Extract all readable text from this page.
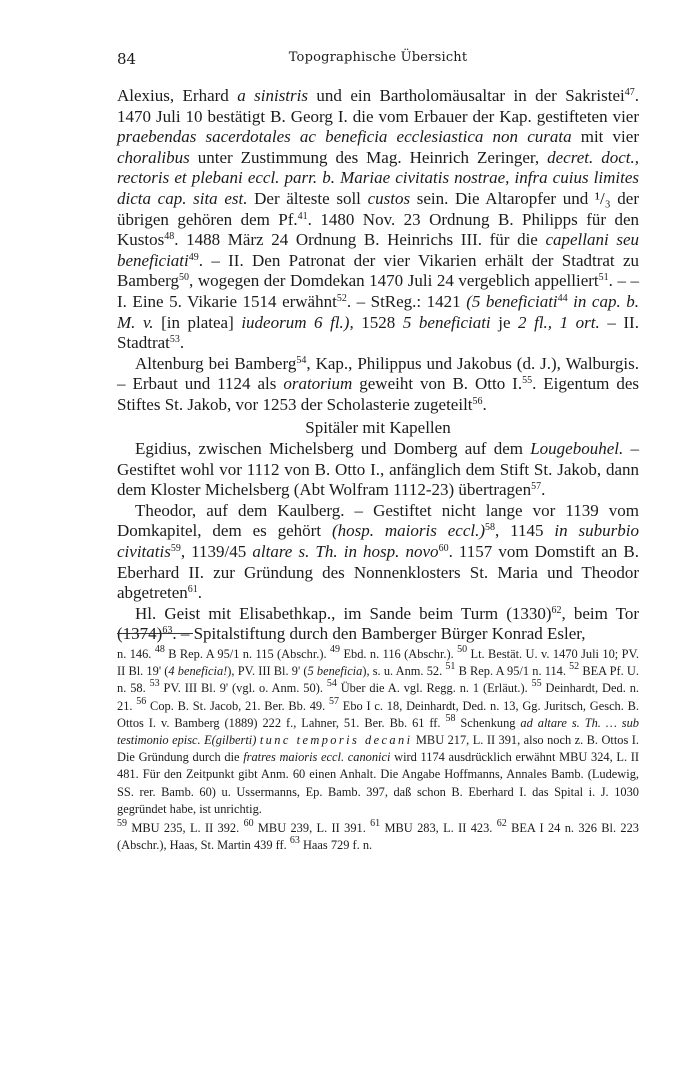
84	Topographische Übersicht

Alexius, Erhard a sinistris und ein Bartholomäusaltar in der Sakristei$^{47}$. 1470 Juli 10 bestätigt B. Georg I. die vom Erbauer der Kap. gestifteten vier praebendas sacerdotales ac beneficia ecclesiastica non curata mit vier choralibus unter Zustimmung des Mag. Heinrich Zeringer, decret. doct., rectoris et plebani eccl. parr. b. Mariae civitatis nostrae, infra cuius limites dicta cap. sita est. Der älteste soll custos sein. Die Altaropfer und ¹/₃ der übrigen gehören dem Pf.$^{41}$. 1480 Nov. 23 Ordnung B. Philipps für den Kustos$^{48}$. 1488 März 24 Ordnung B. Heinrichs III. für die capellani seu beneficiati$^{49}$. – II. Den Patronat der vier Vikarien erhält der Stadtrat zu Bamberg$^{50}$, wogegen der Domdekan 1470 Juli 24 vergeblich appelliert$^{51}$. – – I. Eine 5. Vikarie 1514 erwähnt$^{52}$. – StReg.: 1421 (5 beneficiati$^{44}$ in cap. b. M. v. [in platea] iudeorum 6 fl.), 1528 5 beneficiati je 2 fl., 1 ort. – II. Stadtrat$^{53}$.

Altenburg bei Bamberg$^{54}$, Kap., Philippus und Jakobus (d. J.), Walburgis. – Erbaut und 1124 als oratorium geweiht von B. Otto I.$^{55}$. Eigentum des Stiftes St. Jakob, vor 1253 der Scholasterie zugeteilt$^{56}$.

Spitäler mit Kapellen

Egidius, zwischen Michelsberg und Domberg auf dem Lougebouhel. – Gestiftet wohl vor 1112 von B. Otto I., anfänglich dem Stift St. Jakob, dann dem Kloster Michelsberg (Abt Wolfram 1112-23) übertragen$^{57}$.

Theodor, auf dem Kaulberg. – Gestiftet nicht lange vor 1139 vom Domkapitel, dem es gehört (hosp. maioris eccl.)$^{58}$, 1145 in suburbio civitatis$^{59}$, 1139/45 altare s. Th. in hosp. novo$^{60}$. 1157 vom Domstift an B. Eberhard II. zur Gründung des Nonnenklosters St. Maria und Theodor abgetreten$^{61}$.

Hl. Geist mit Elisabethkap., im Sande beim Turm $(1330)^{62}$, beim Tor $(1374)^{63}$. – Spitalstiftung durch den Bamberger Bürger Konrad Esler,

n. 146. $^{48}$ B Rep. A 95/1 n. 115 (Abschr.). $^{49}$ Ebd. n. 116 (Abschr.). $^{50}$ Lt. Bestät. U. v. 1470 Juli 10; PV. II Bl. 19' (4 beneficia!), PV. III Bl. 9' (5 beneficia), s. u. Anm. 52. $^{51}$ B Rep. A 95/1 n. 114. $^{52}$ BEA Pf. U. n. 58. $^{53}$ PV. III Bl. 9' (vgl. o. Anm. 50). $^{54}$ Über die A. vgl. Regg. n. 1 (Erläut.). $^{55}$ Deinhardt, Ded. n. 21. $^{56}$ Cop. B. St. Jacob, 21. Ber. Bb. 49. $^{57}$ Ebo I c. 18, Deinhardt, Ded. n. 13, Gg. Juritsch, Gesch. B. Ottos I. v. Bamberg (1889) 222 f., Lahner, 51. Ber. Bb. 61 ff. $^{58}$ Schenkung ad altare s. Th. … sub testimonio episc. E(gilberti) tunc temporis decani MBU 217, L. II 391, also noch z. B. Ottos I. Die Gründung durch die fratres maioris eccl. canonici wird 1174 ausdrücklich erwähnt MBU 324, L. II 481. Für den Zeitpunkt gibt Anm. 60 einen Anhalt. Die Angabe Hoffmanns, Annales Bamb. (Ludewig, SS. rer. Bamb. 60) u. Ussermanns, Ep. Bamb. 397, daß schon B. Eberhard I. das Spital i. J. 1030 gegründet habe, ist unrichtig.

$^{59}$ MBU 235, L. II 392. $^{60}$ MBU 239, L. II 391. $^{61}$ MBU 283, L. II 423. $^{62}$ BEA I 24 n. 326 Bl. 223 (Abschr.), Haas, St. Martin 439 ff. $^{63}$ Haas 729 f. n.
